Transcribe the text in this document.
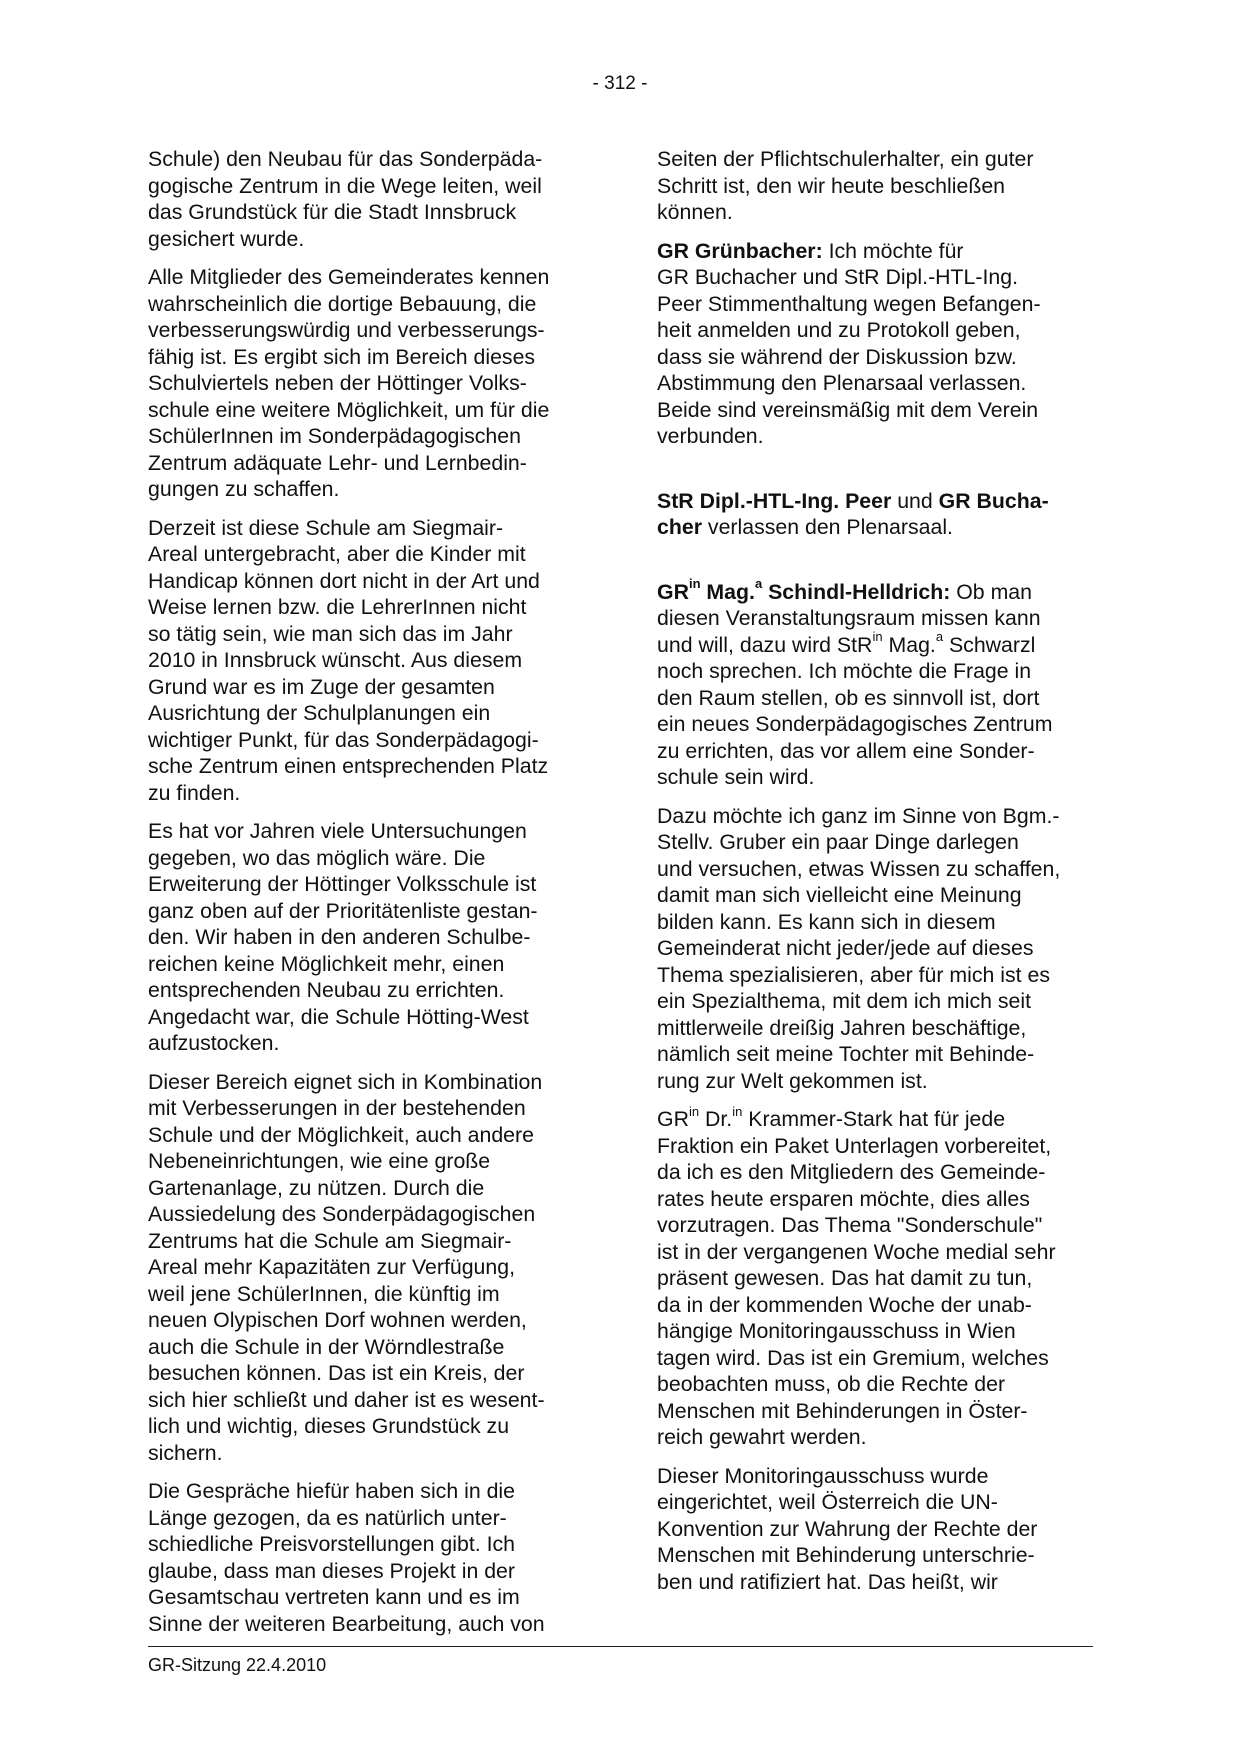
- 312 -

Schule) den Neubau für das Sonderpäda-
gogische Zentrum in die Wege leiten, weil
das Grundstück für die Stadt Innsbruck
gesichert wurde.

Alle Mitglieder des Gemeinderates kennen
wahrscheinlich die dortige Bebauung, die
verbesserungswürdig und verbesserungs-
fähig ist. Es ergibt sich im Bereich dieses
Schulviertels neben der Höttinger Volks-
schule eine weitere Möglichkeit, um für die
SchülerInnen im Sonderpädagogischen
Zentrum adäquate Lehr- und Lernbedin-
gungen zu schaffen.

Derzeit ist diese Schule am Siegmair-
Areal untergebracht, aber die Kinder mit
Handicap können dort nicht in der Art und
Weise lernen bzw. die LehrerInnen nicht
so tätig sein, wie man sich das im Jahr
2010 in Innsbruck wünscht. Aus diesem
Grund war es im Zuge der gesamten
Ausrichtung der Schulplanungen ein
wichtiger Punkt, für das Sonderpädagogi-
sche Zentrum einen entsprechenden Platz
zu finden.

Es hat vor Jahren viele Untersuchungen
gegeben, wo das möglich wäre. Die
Erweiterung der Höttinger Volksschule ist
ganz oben auf der Prioritätenliste gestan-
den. Wir haben in den anderen Schulbe-
reichen keine Möglichkeit mehr, einen
entsprechenden Neubau zu errichten.
Angedacht war, die Schule Hötting-West
aufzustocken.

Dieser Bereich eignet sich in Kombination
mit Verbesserungen in der bestehenden
Schule und der Möglichkeit, auch andere
Nebeneinrichtungen, wie eine große
Gartenanlage, zu nützen. Durch die
Aussiedelung des Sonderpädagogischen
Zentrums hat die Schule am Siegmair-
Areal mehr Kapazitäten zur Verfügung,
weil jene SchülerInnen, die künftig im
neuen Olypischen Dorf wohnen werden,
auch die Schule in der Wörndlestraße
besuchen können. Das ist ein Kreis, der
sich hier schließt und daher ist es wesent-
lich und wichtig, dieses Grundstück zu
sichern.

Die Gespräche hiefür haben sich in die
Länge gezogen, da es natürlich unter-
schiedliche Preisvorstellungen gibt. Ich
glaube, dass man dieses Projekt in der
Gesamtschau vertreten kann und es im
Sinne der weiteren Bearbeitung, auch von

Seiten der Pflichtschulerhalter, ein guter
Schritt ist, den wir heute beschließen
können.

GR Grünbacher: Ich möchte für
GR Buchacher und StR Dipl.-HTL-Ing.
Peer Stimmenthaltung wegen Befangen-
heit anmelden und zu Protokoll geben,
dass sie während der Diskussion bzw.
Abstimmung den Plenarsaal verlassen.
Beide sind vereinsmäßig mit dem Verein
verbunden.

StR Dipl.-HTL-Ing. Peer und GR Bucha-
cher verlassen den Plenarsaal.

$GR^{in}$ Mag.$^a$ Schindl-Helldrich: Ob man
diesen Veranstaltungsraum missen kann
und will, dazu wird StR$^{in}$ Mag.$^a$ Schwarzl
noch sprechen. Ich möchte die Frage in
den Raum stellen, ob es sinnvoll ist, dort
ein neues Sonderpädagogisches Zentrum
zu errichten, das vor allem eine Sonder-
schule sein wird.

Dazu möchte ich ganz im Sinne von Bgm.-
Stellv. Gruber ein paar Dinge darlegen
und versuchen, etwas Wissen zu schaffen,
damit man sich vielleicht eine Meinung
bilden kann. Es kann sich in diesem
Gemeinderat nicht jeder/jede auf dieses
Thema spezialisieren, aber für mich ist es
ein Spezialthema, mit dem ich mich seit
mittlerweile dreißig Jahren beschäftige,
nämlich seit meine Tochter mit Behinde-
rung zur Welt gekommen ist.

$GR^{in}$ Dr.$^{in}$ Krammer-Stark hat für jede
Fraktion ein Paket Unterlagen vorbereitet,
da ich es den Mitgliedern des Gemeinde-
rates heute ersparen möchte, dies alles
vorzutragen. Das Thema "Sonderschule"
ist in der vergangenen Woche medial sehr
präsent gewesen. Das hat damit zu tun,
da in der kommenden Woche der unab-
hängige Monitoringausschuss in Wien
tagen wird. Das ist ein Gremium, welches
beobachten muss, ob die Rechte der
Menschen mit Behinderungen in Öster-
reich gewahrt werden.

Dieser Monitoringausschuss wurde
eingerichtet, weil Österreich die UN-
Konvention zur Wahrung der Rechte der
Menschen mit Behinderung unterschrie-
ben und ratifiziert hat. Das heißt, wir

GR-Sitzung 22.4.2010
